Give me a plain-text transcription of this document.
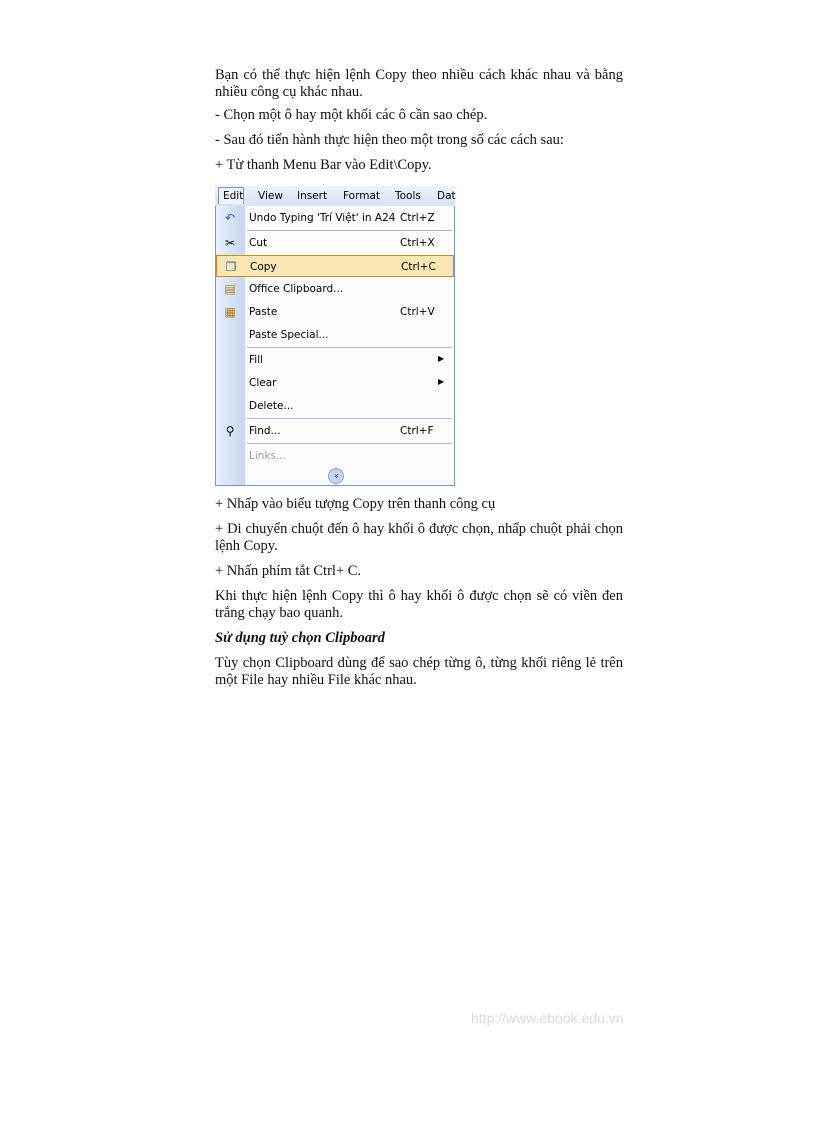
Bạn có thể thực hiện lệnh Copy theo nhiều cách khác nhau và bằng nhiều công cụ khác nhau.

- Chọn một ô hay một khối các ô cần sao chép.

- Sau đó tiến hành thực hiện theo một trong số các cách sau:

+ Từ thanh Menu Bar vào Edit\Copy.

Edit View Insert Format Tools Dat
↶ Undo Typing 'Trí Việt' in A24 Ctrl+Z
✂ Cut	Ctrl+X
❐ Copy	Ctrl+C
▤ Office Clipboard...
▦ Paste	Ctrl+V
Paste Special...
Fill	▶
Clear	▶
Delete...
⚲	Find...	Ctrl+F
Links...
»

+ Nhấp vào biểu tượng Copy trên thanh công cụ

+ Di chuyển chuột đến ô hay khối ô được chọn, nhấp chuột phải chọn lệnh Copy.

+ Nhấn phím tắt Ctrl+ C.

Khi thực hiện lệnh Copy thì ô hay khối ô được chọn sẽ có viền đen trắng chạy bao quanh.

Sử dụng tuỳ chọn Clipboard

Tùy chọn Clipboard dùng để sao chép từng ô, từng khối riêng lẻ trên một File hay nhiều File khác nhau.

http://www.ebook.edu.vn
